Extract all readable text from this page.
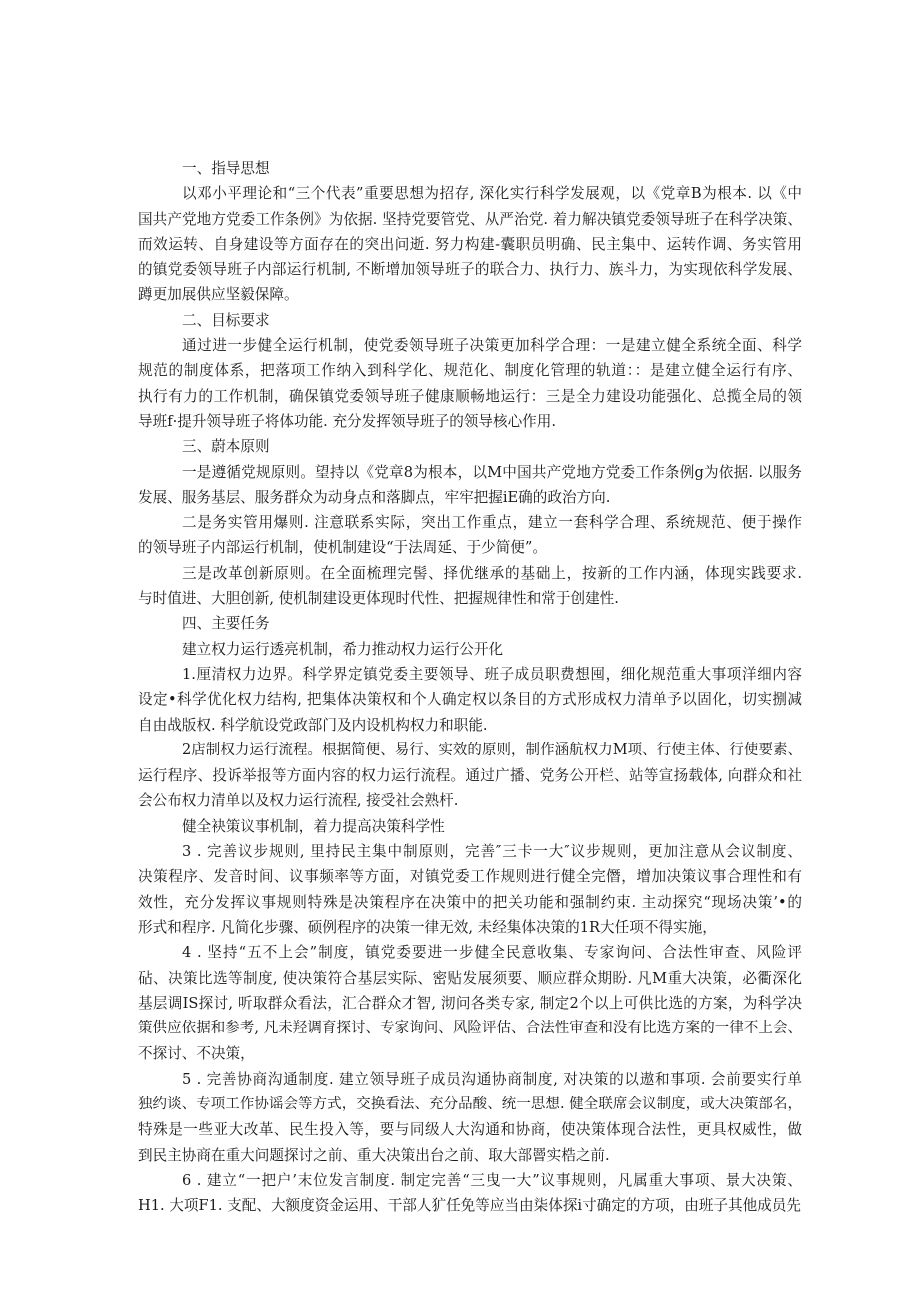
一、指导思想
以邓小平理论和“三个代表”重要思想为招存, 深化实行科学发展观，以《党章B为根本. 以《中
国共产党地方党委工作条例》为依据. 坚持党要管党、从严治党. 着力解决镇党委领导班子在科学决策、
而效运转、自身建设等方面存在的突出问逝. 努力构建-囊职员明确、民主集中、运转作调、务实管用
的镇党委领导班子内部运行机制, 不断增加领导班子的联合力、执行力、族斗力，为实现依科学发展、
蹲更加展供应坚毅保障。
二、目标要求
通过进一步健全运行机制，使党委领导班子决策更加科学合理：一是建立健全系统全面、科学
规范的制度体系，把落项工作纳入到科学化、规范化、制度化管理的轨道：：是建立健全运行有序、
执行有力的工作机制，确保镇党委领导班子健康顺畅地运行：三是全力建设功能强化、总揽全局的领
导班f·提升领导班子将体功能. 充分发挥领导班子的领导核心作用.
三、蔚本原则
一是遵循党规原则。望持以《党章8为根本，以M中国共产党地方党委工作条例g为依据. 以服务
发展、服务基层、服务群众为动身点和落脚点，牢牢把握iE确的政治方向.
二是务实管用爆则. 注意联系实际，突出工作重点，建立一套科学合理、系统规范、便于操作
的领导班子内部运行机制，使机制建设“于法周延、于少简便”。
三是改革创新原则。在全面梳理完髻、择优继承的基础上，按新的工作内涵，体现实践要求.
与时值进、大胆创新, 使机制建设更体现时代性、把握规律性和常于创建性.
四、主要任务
建立权力运行透亮机制，希力推动权力运行公开化
1.厘清权力边界。科学界定镇党委主要领导、班子成员职费想囤，细化规范重大事项洋细内容
设定•科学优化权力结构, 把集体决策权和个人确定权以条目的方式形成权力清单予以固化，切实捌减
自由战版权. 科学航设党政部门及内设机构权力和职能.
2店制权力运行流程。根据简便、易行、实效的原则，制作涵航权力M项、行使主体、行使要素、
运行程序、投诉举报等方面内容的权力运行流程。通过广播、党务公开栏、站等宣扬载体, 向群众和社
会公布权力清单以及权力运行流程, 接受社会熟杆.
健全袂策议事机制，着力提高决策科学性
3 . 完善议步规则, 里持民主集中制原则，完善″三卡一大″议步规则，更加注意从会议制度、
决策程序、发音时间、议事频率等方面，对镇党委工作规则进行健全完僭，增加决策议事合理性和有
效性，充分发挥议事规则特殊是决策程序在决策中的把关功能和强制约束. 主动探究“现场决策’•的
形式和程序. 凡简化步骤、硕例程序的决策一律无效, 未经集体决策的1R大任项不得实施，
4 . 坚持“五不上会”制度，镇党委要进一步健全民意收集、专家询问、合法性审查、风险评
砧、决策比选等制度, 使决策符合基层实际、密贴发展须要、顺应群众期盼. 凡M重大决策，必衢深化
基层调IS探讨, 听取群众看法，汇合群众才智, 沏问各类专家, 制定2个以上可供比选的方案，为科学决
策供应依据和参考, 凡未羟调育探讨、专家询问、风险评估、合法性审查和没有比选方案的一律不上会、
不探讨、不决策，
5 . 完善协商沟通制度. 建立领导班子成员沟通协商制度, 对决策的以遨和事项. 会前要实行单
独约谈、专项工作协谣会等方式，交换看法、充分品酸、统一思想. 健全联席会议制度，或大决策部名，
特殊是一些亚大改革、民生投入等，要与同级人大沟通和协商，使决策体现合法性，更具权威性，做
到民主协商在重大问题探讨之前、重大决策出台之前、取大部罾实梏之前.
6 . 建立“一把户’末位发言制度. 制定完善“三曳一大”议事规则，凡属重大事项、景大决策、
H1. 大项F1. 支配、大额度资金运用、干部人犷任免等应当由柒体探i寸确定的方项，由班子其他成员先
